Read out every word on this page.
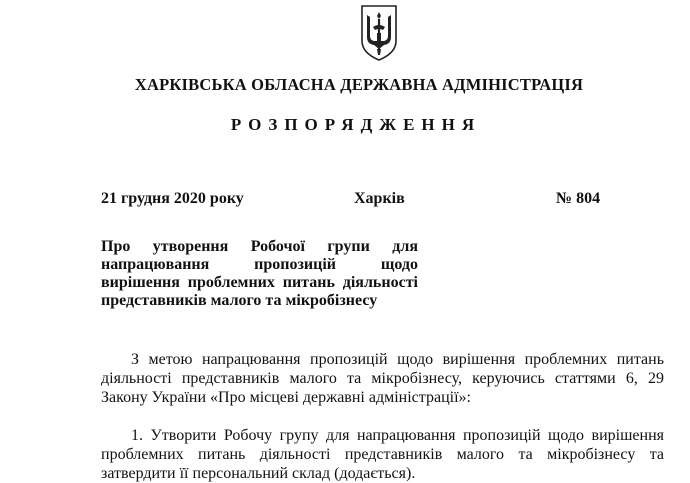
ХАРКІВСЬКА ОБЛАСНА ДЕРЖАВНА АДМІНІСТРАЦІЯ
РОЗПОРЯДЖЕННЯ
21 грудня 2020 року	Харків	№ 804
Про утворення Робочої групи для
напрацювання пропозицій щодо
вирішення проблемних питань діяльності
представників малого та мікробізнесу
З метою напрацювання пропозицій щодо вирішення проблемних питань
діяльності представників малого та мікробізнесу, керуючись статтями 6, 29
Закону України «Про місцеві державні адміністрації»:
1. Утворити Робочу групу для напрацювання пропозицій щодо вирішення
проблемних питань діяльності представників малого та мікробізнесу та
затвердити її персональний склад (додається).
